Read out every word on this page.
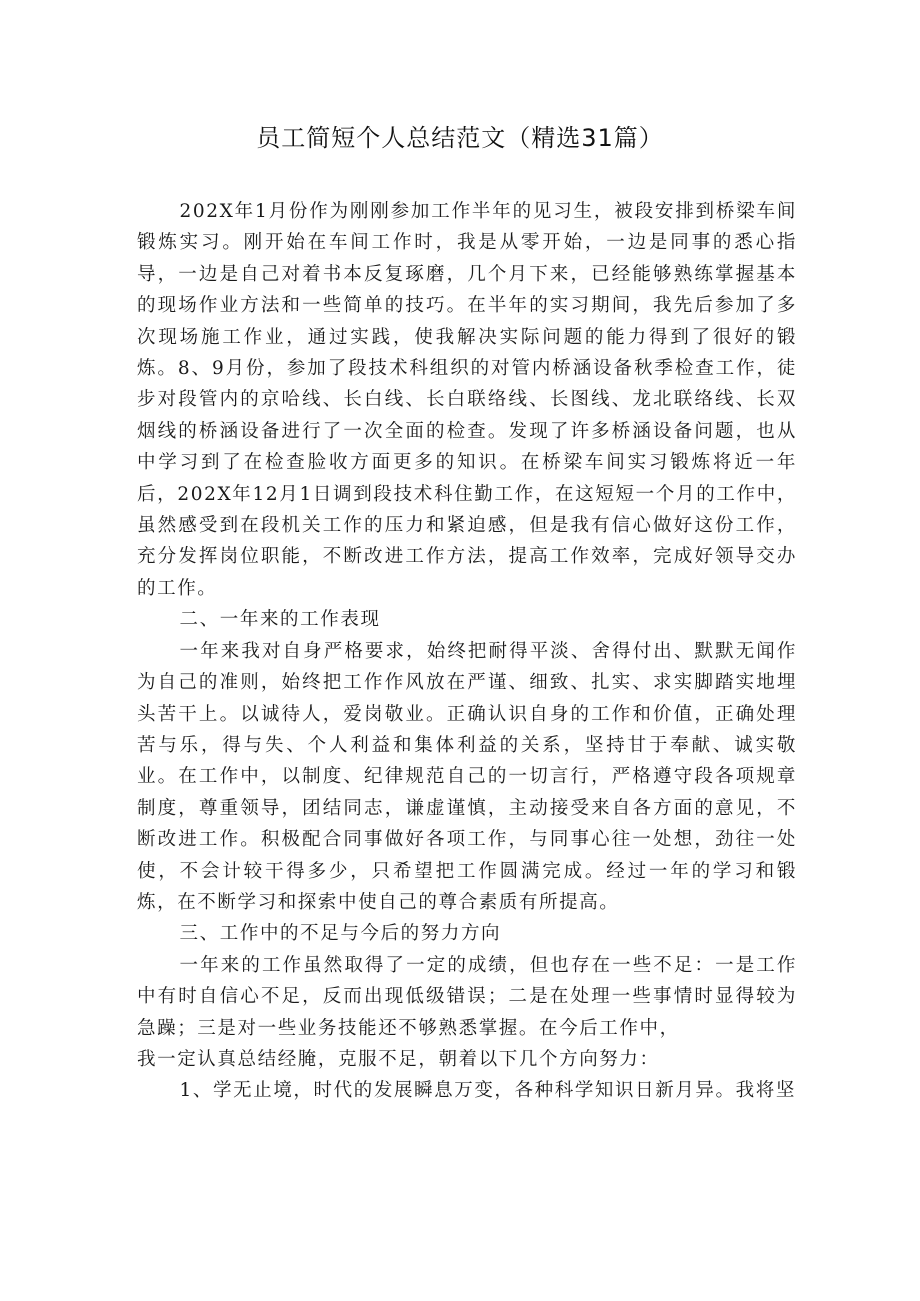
员工简短个人总结范文（精选31篇）

202X年1月份作为刚刚参加工作半年的见习生，被段安排到桥梁车间锻炼实习。刚开始在车间工作时，我是从零开始，一边是同事的悉心指导，一边是自己对着书本反复琢磨，几个月下来，已经能够熟练掌握基本的现场作业方法和一些简单的技巧。在半年的实习期间，我先后参加了多次现场施工作业，通过实践，使我解决实际问题的能力得到了很好的锻炼。8、9月份，参加了段技术科组织的对管内桥涵设备秋季检查工作，徒步对段管内的京哈线、长白线、长白联络线、长图线、龙北联络线、长双烟线的桥涵设备进行了一次全面的检查。发现了许多桥涵设备问题，也从中学习到了在检查脸收方面更多的知识。在桥梁车间实习锻炼将近一年后，202X年12月1日调到段技术科住勤工作，在这短短一个月的工作中，虽然感受到在段机关工作的压力和紧迫感，但是我有信心做好这份工作，充分发挥岗位职能，不断改进工作方法，提高工作效率，完成好领导交办的工作。

二、一年来的工作表现

一年来我对自身严格要求，始终把耐得平淡、舍得付出、默默无闻作为自己的准则，始终把工作作风放在严谨、细致、扎实、求实脚踏实地埋头苦干上。以诚待人，爱岗敬业。正确认识自身的工作和价值，正确处理苦与乐，得与失、个人利益和集体利益的关系，坚持甘于奉献、诚实敬业。在工作中，以制度、纪律规范自己的一切言行，严格遵守段各项规章制度，尊重领导，团结同志，谦虚谨慎，主动接受来自各方面的意见，不断改进工作。积极配合同事做好各项工作，与同事心往一处想，劲往一处使，不会计较干得多少，只希望把工作圆满完成。经过一年的学习和锻炼，在不断学习和探索中使自己的尊合素质有所提高。

三、工作中的不足与今后的努力方向

一年来的工作虽然取得了一定的成绩，但也存在一些不足：一是工作中有时自信心不足，反而出现低级错误；二是在处理一些事情时显得较为急躁；三是对一些业务技能还不够熟悉掌握。在今后工作中，

我一定认真总结经腌，克服不足，朝着以下几个方向努力：

1、学无止境，时代的发展瞬息万变，各种科学知识日新月异。我将坚
